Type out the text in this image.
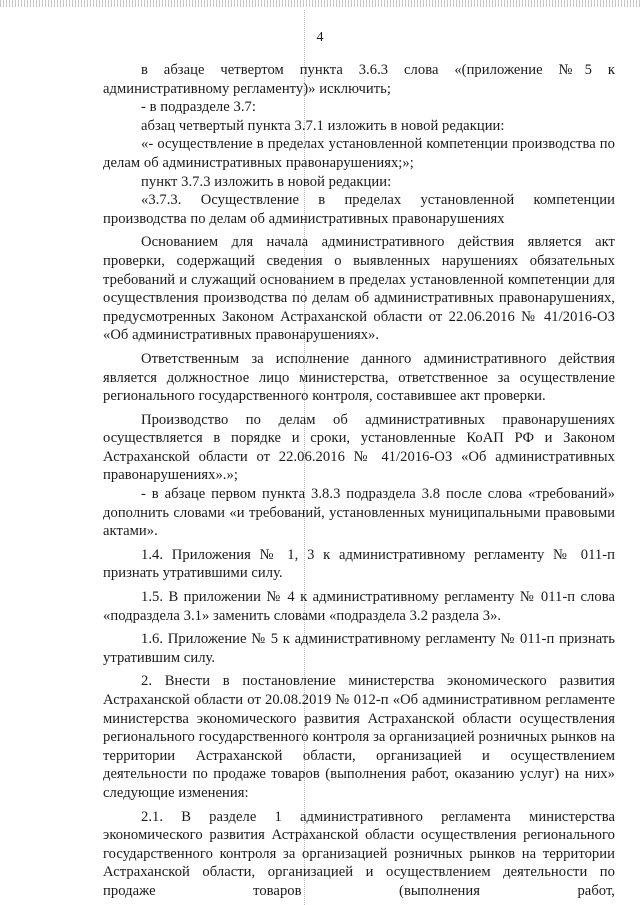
4

в абзаце четвертом пункта 3.6.3 слова «(приложение №5 к административному регламенту)» исключить;

- в подразделе 3.7:

абзац четвертый пункта 3.7.1 изложить в новой редакции:

«- осуществление в пределах установленной компетенции производства по делам об административных правонарушениях;»;

пункт 3.7.3 изложить в новой редакции:

«3.7.3. Осуществление в пределах установленной компетенции производства по делам об административных правонарушениях

Основанием для начала административного действия является акт проверки, содержащий сведения о выявленных нарушениях обязательных требований и служащий основанием в пределах установленной компетенции для осуществления производства по делам об административных правонарушениях, предусмотренных Законом Астраханской области от 22.06.2016 № 41/2016-ОЗ «Об административных правонарушениях».

Ответственным за исполнение данного административного действия является должностное лицо министерства, ответственное за осуществление регионального государственного контроля, составившее акт проверки.

Производство по делам об административных правонарушениях осуществляется в порядке и сроки, установленные КоАП РФ и Законом Астраханской области от 22.06.2016 № 41/2016-ОЗ «Об административных правонарушениях».»;

- в абзаце первом пункта 3.8.3 подраздела 3.8 после слова «требований» дополнить словами «и требований, установленных муниципальными правовыми актами».

1.4. Приложения № 1, 3 к административному регламенту № 011-п признать утратившими силу.

1.5. В приложении № 4 к административному регламенту № 011-п слова «подраздела 3.1» заменить словами «подраздела 3.2 раздела 3».

1.6. Приложение № 5 к административному регламенту № 011-п признать утратившим силу.

2. Внести в постановление министерства экономического развития Астраханской области от 20.08.2019 № 012-п «Об административном регламенте министерства экономического развития Астраханской области осуществления регионального государственного контроля за организацией розничных рынков на территории Астраханской области, организацией и осуществлением деятельности по продаже товаров (выполнения работ, оказанию услуг) на них» следующие изменения:

2.1. В разделе 1 административного регламента министерства экономического развития Астраханской области осуществления регионального государственного контроля за организацией розничных рынков на территории Астраханской области, организацией и осуществлением деятельности по продаже товаров (выполнения работ,
